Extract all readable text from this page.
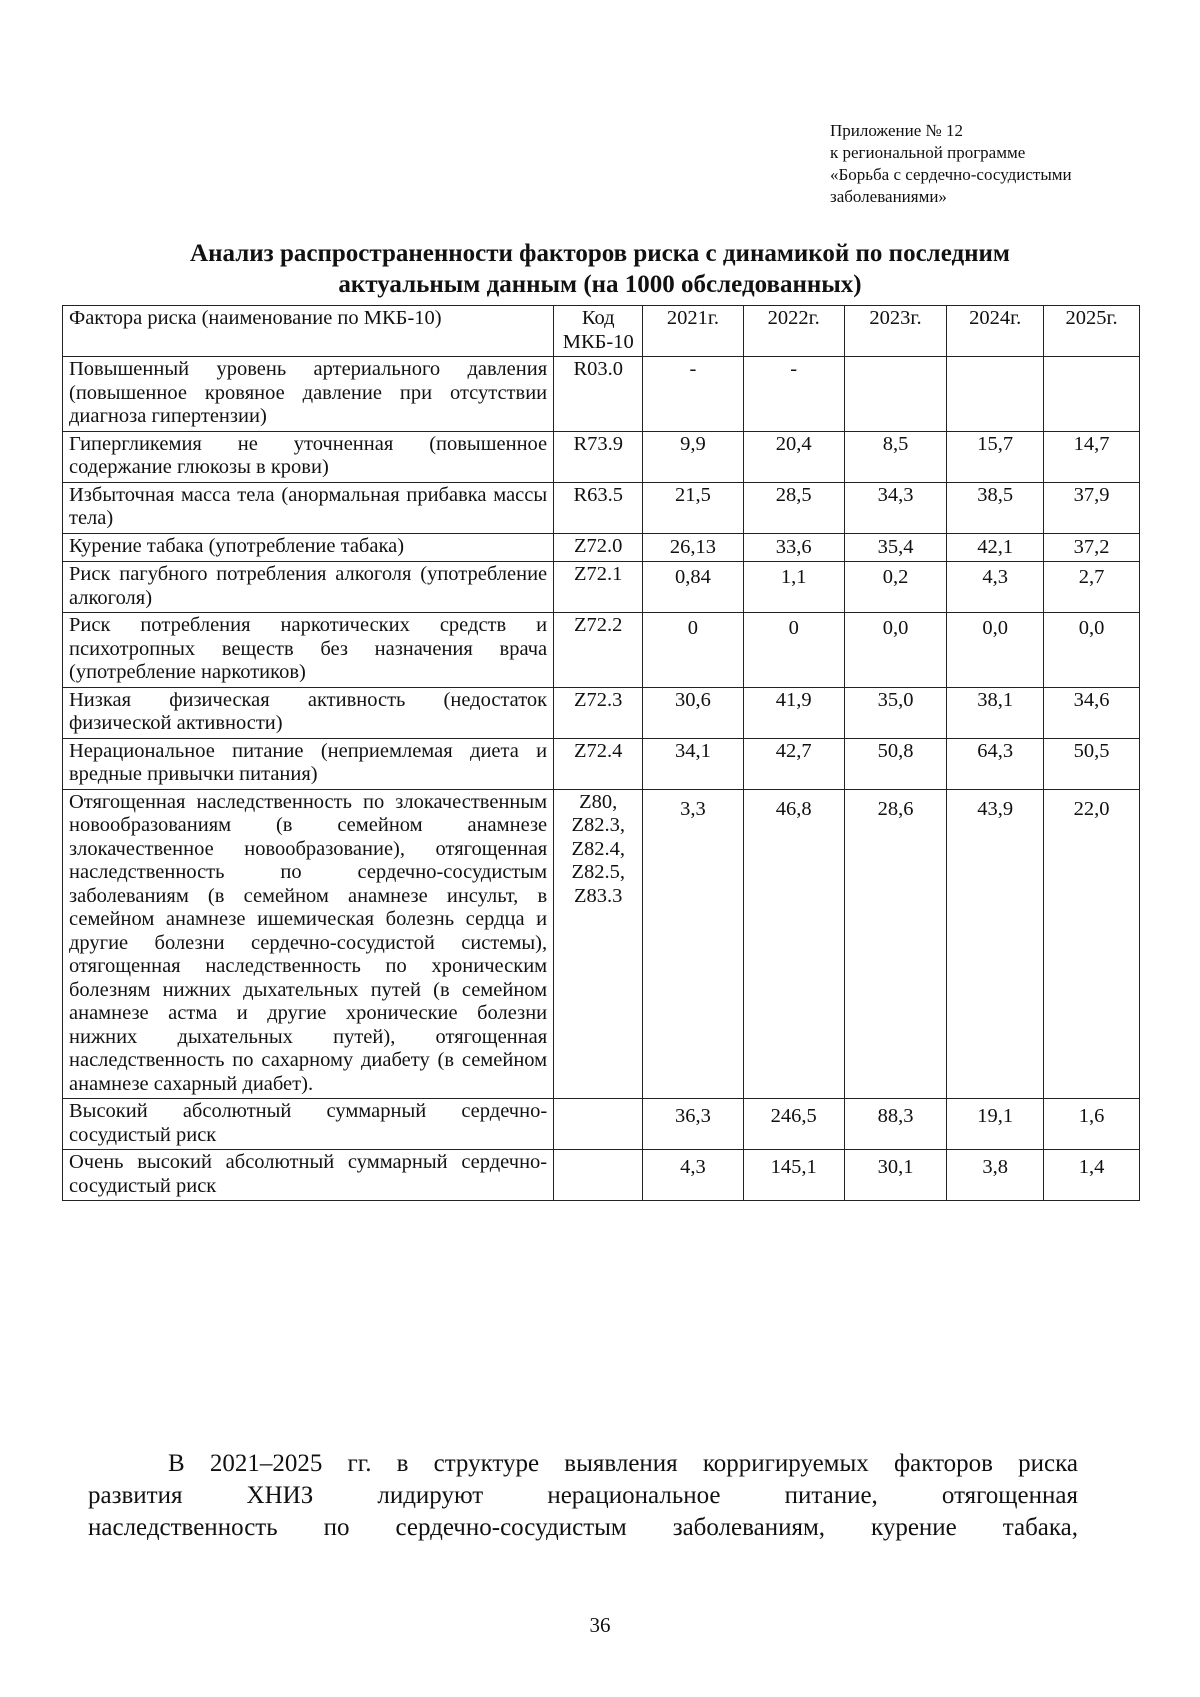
Приложение № 12
к региональной программе
«Борьба с сердечно-сосудистыми
заболеваниями»
Анализ распространенности факторов риска с динамикой по последним
актуальным данным (на 1000 обследованных)
Фактора риска (наименование по МКБ-10)	Код МКБ-10	2021г.	2022г.	2023г.	2024г.	2025г.
Повышенный уровень артериального давления (повышенное кровяное давление при отсутствии диагноза гипертензии)	R03.0	-	-			
Гипергликемия не уточненная (повышенное содержание глюкозы в крови)	R73.9	9,9	20,4	8,5	15,7	14,7
Избыточная масса тела (анормальная прибавка массы тела)	R63.5	21,5	28,5	34,3	38,5	37,9
Курение табака (употребление табака)	Z72.0	26,13	33,6	35,4	42,1	37,2
Риск пагубного потребления алкоголя (употребление алкоголя)	Z72.1	0,84	1,1	0,2	4,3	2,7
Риск потребления наркотических средств и психотропных веществ без назначения врача (употребление наркотиков)	Z72.2	0	0	0,0	0,0	0,0
Низкая физическая активность (недостаток физической активности)	Z72.3	30,6	41,9	35,0	38,1	34,6
Нерациональное питание (неприемлемая диета и вредные привычки питания)	Z72.4	34,1	42,7	50,8	64,3	50,5
Отягощенная наследственность по злокачественным новообразованиям (в семейном анамнезе злокачественное новообразование), отягощенная наследственность по сердечно-сосудистым заболеваниям (в семейном анамнезе инсульт, в семейном анамнезе ишемическая болезнь сердца и другие болезни сердечно-сосудистой системы), отягощенная наследственность по хроническим болезням нижних дыхательных путей (в семейном анамнезе астма и другие хронические болезни нижних дыхательных путей), отягощенная наследственность по сахарному диабету (в семейном анамнезе сахарный диабет).	Z80, Z82.3, Z82.4, Z82.5, Z83.3	3,3	46,8	28,6	43,9	22,0
Высокий абсолютный суммарный сердечно-сосудистый риск		36,3	246,5	88,3	19,1	1,6
Очень высокий абсолютный суммарный сердечно-сосудистый риск		4,3	145,1	30,1	3,8	1,4
В 2021–2025 гг. в структуре выявления корригируемых факторов риска
развития ХНИЗ лидируют нерациональное питание, отягощенная
наследственность по сердечно-сосудистым заболеваниям, курение табака,
36
